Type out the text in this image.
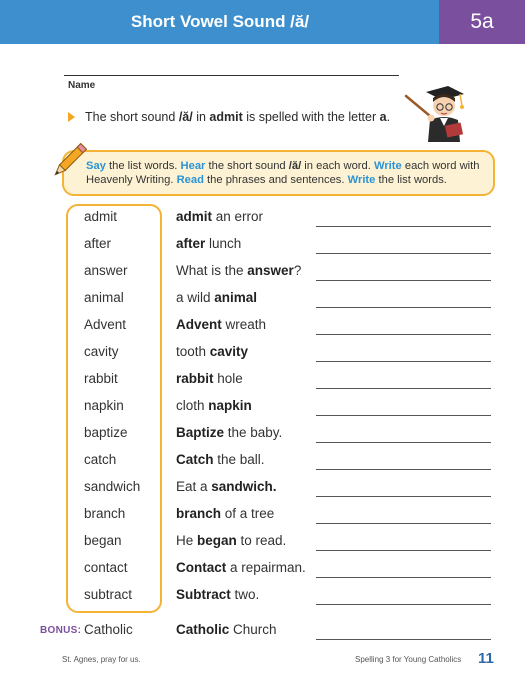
Short Vowel Sound /ă/	5a
Name
The short sound /ă/ in admit is spelled with the letter a.
Say the list words. Hear the short sound /ă/ in each word. Write each word with Heavenly Writing. Read the phrases and sentences. Write the list words.
admit	admit an error
after	after lunch
answer	What is the answer?
animal	a wild animal
Advent	Advent wreath
cavity	tooth cavity
rabbit	rabbit hole
napkin	cloth napkin
baptize	Baptize the baby.
catch	Catch the ball.
sandwich	Eat a sandwich.
branch	branch of a tree
began	He began to read.
contact	Contact a repairman.
subtract	Subtract two.
BONUS: Catholic	Catholic Church
St. Agnes, pray for us.	Spelling 3 for Young Catholics 11
